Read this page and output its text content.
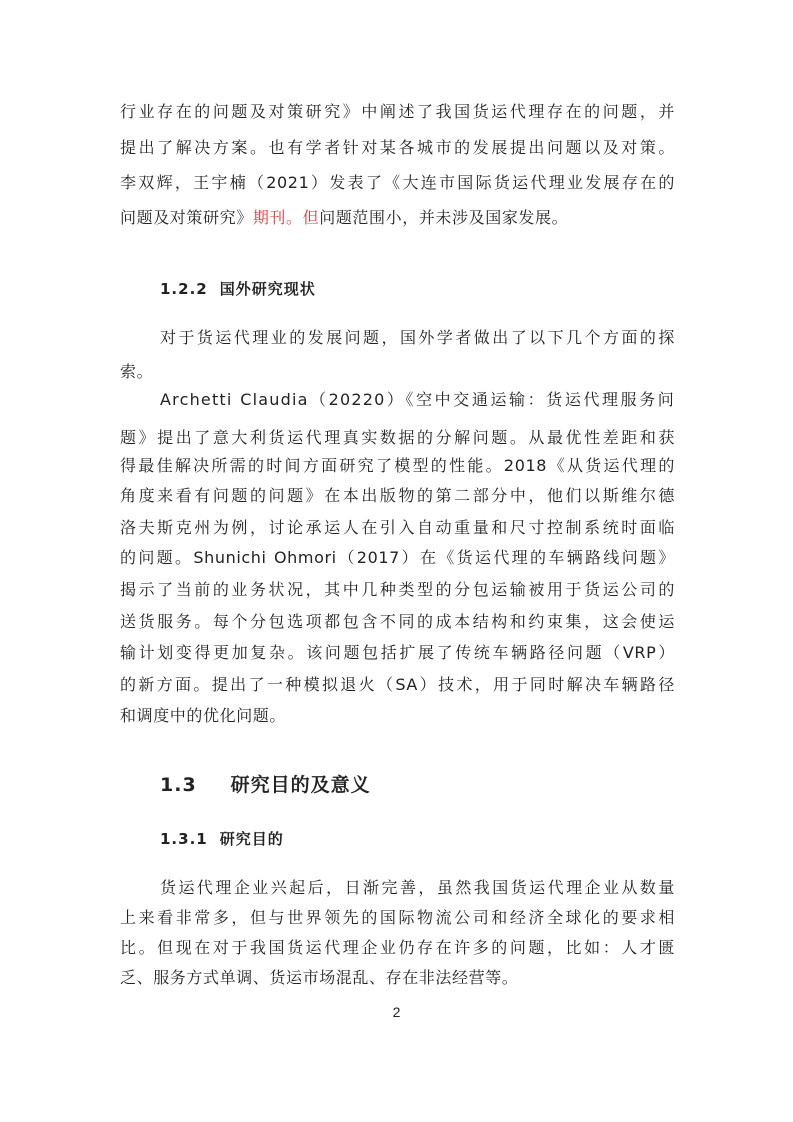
行业存在的问题及对策研究》中阐述了我国货运代理存在的问题，并
提出了解决方案。也有学者针对某各城市的发展提出问题以及对策。
李双辉，王宇楠（2021）发表了《大连市国际货运代理业发展存在的
问题及对策研究》期刊。但问题范围小，并未涉及国家发展。
1.2.2 国外研究现状
对于货运代理业的发展问题，国外学者做出了以下几个方面的探
索。
Archetti Claudia（20220）《空中交通运输：货运代理服务问
题》提出了意大利货运代理真实数据的分解问题。从最优性差距和获
得最佳解决所需的时间方面研究了模型的性能。2018《从货运代理的
角度来看有问题的问题》在本出版物的第二部分中，他们以斯维尔德
洛夫斯克州为例，讨论承运人在引入自动重量和尺寸控制系统时面临
的问题。Shunichi Ohmori（2017）在《货运代理的车辆路线问题》
揭示了当前的业务状况，其中几种类型的分包运输被用于货运公司的
送货服务。每个分包选项都包含不同的成本结构和约束集，这会使运
输计划变得更加复杂。该问题包括扩展了传统车辆路径问题（VRP）
的新方面。提出了一种模拟退火（SA）技术，用于同时解决车辆路径
和调度中的优化问题。
1.3 研究目的及意义
1.3.1 研究目的
货运代理企业兴起后，日渐完善，虽然我国货运代理企业从数量
上来看非常多，但与世界领先的国际物流公司和经济全球化的要求相
比。但现在对于我国货运代理企业仍存在许多的问题，比如：人才匮
乏、服务方式单调、货运市场混乱、存在非法经营等。
2
